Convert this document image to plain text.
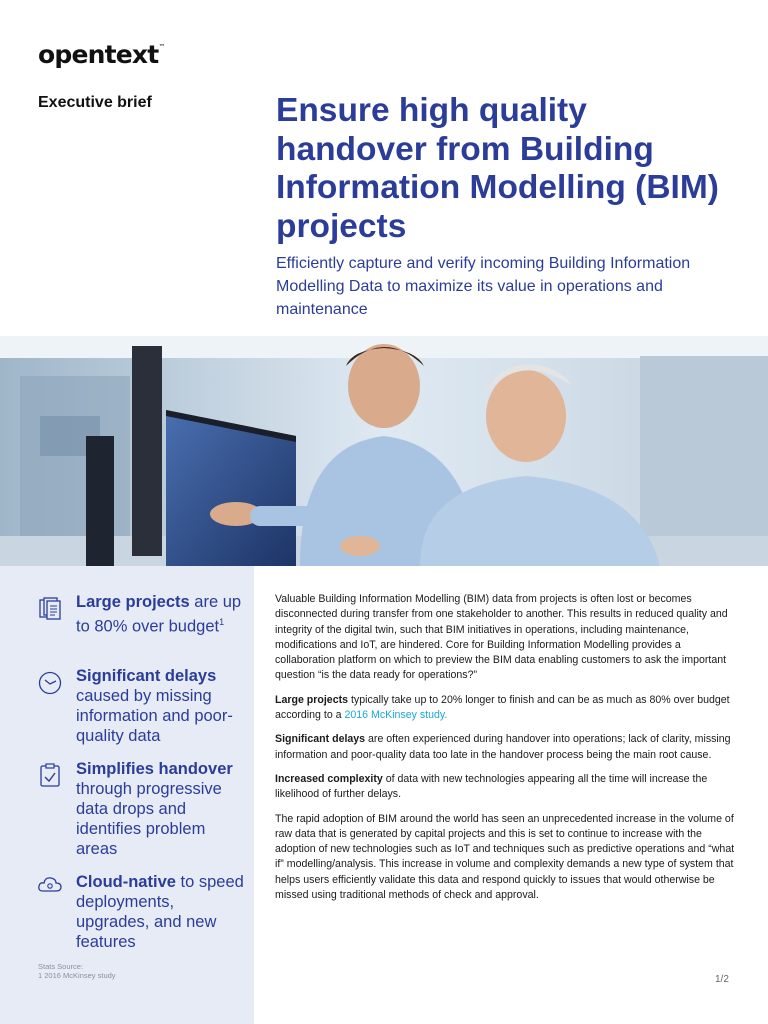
opentext™
Executive brief	Ensure high quality handover from Building Information Modelling (BIM) projects

Efficiently capture and verify incoming Building Information Modelling Data to maximize its value in operations and maintenance

Large projects are up to 80% over budget$^1$
Significant delays caused by missing information and poor-quality data
Simplifies handover through progressive data drops and identifies problem areas
Cloud-native to speed deployments, upgrades, and new features
Stats Source:
1 2016 McKinsey study

Valuable Building Information Modelling (BIM) data from projects is often lost or becomes disconnected during transfer from one stakeholder to another. This results in reduced quality and integrity of the digital twin, such that BIM initiatives in operations, including maintenance, modifications and IoT, are hindered. Core for Building Information Modelling provides a collaboration platform on which to preview the BIM data enabling customers to ask the important question “is the data ready for operations?”

Large projects typically take up to 20% longer to finish and can be as much as 80% over budget according to a 2016 McKinsey study.

Significant delays are often experienced during handover into operations; lack of clarity, missing information and poor-quality data too late in the handover process being the main root cause.

Increased complexity of data with new technologies appearing all the time will increase the likelihood of further delays.

The rapid adoption of BIM around the world has seen an unprecedented increase in the volume of raw data that is generated by capital projects and this is set to continue to increase with the adoption of new technologies such as IoT and techniques such as predictive operations and “what if” modelling/analysis. This increase in volume and complexity demands a new type of system that helps users efficiently validate this data and respond quickly to issues that would otherwise be missed using traditional methods of check and approval.

1/2
